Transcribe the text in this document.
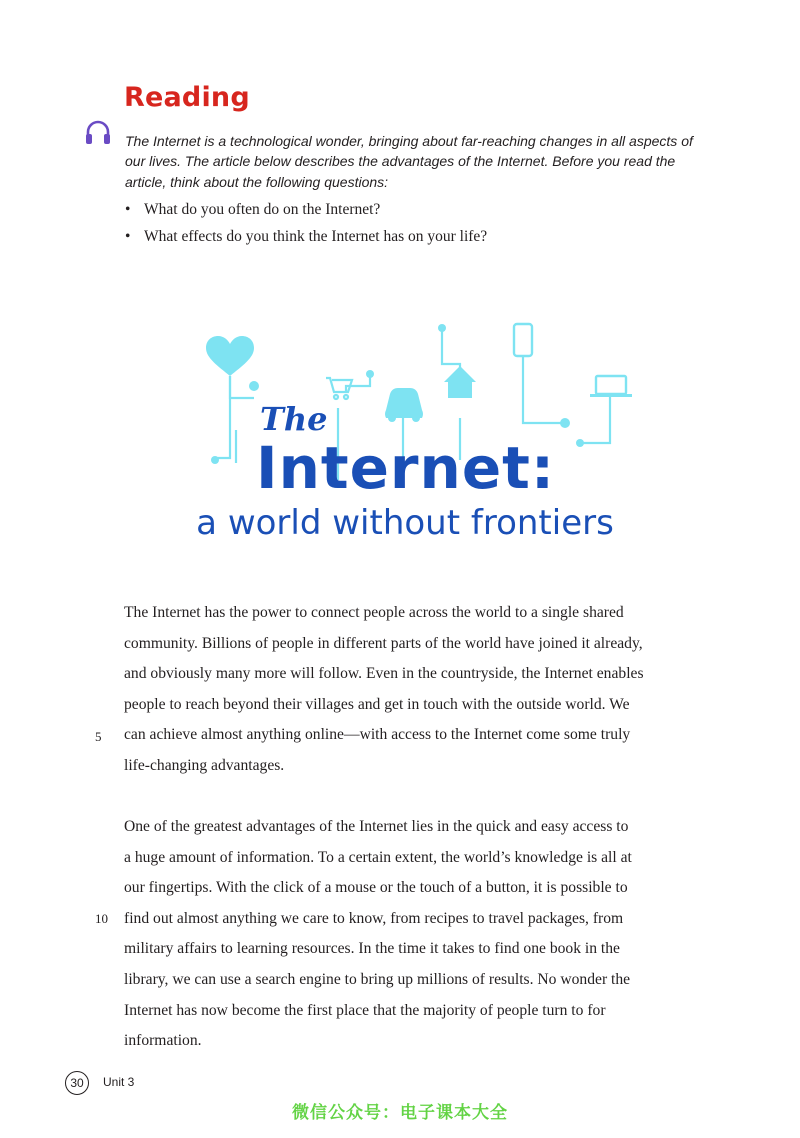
Reading
The Internet is a technological wonder, bringing about far-reaching changes in all aspects of our lives. The article below describes the advantages of the Internet. Before you read the article, think about the following questions:
• What do you often do on the Internet?
• What effects do you think the Internet has on your life?
The
Internet:
a world without frontiers
The Internet has the power to connect people across the world to a single shared
community. Billions of people in different parts of the world have joined it already,
and obviously many more will follow. Even in the countryside, the Internet enables
people to reach beyond their villages and get in touch with the outside world. We
can achieve almost anything online—with access to the Internet come some truly
life-changing advantages.
5
One of the greatest advantages of the Internet lies in the quick and easy access to
a huge amount of information. To a certain extent, the world’s knowledge is all at
our fingertips. With the click of a mouse or the touch of a button, it is possible to
find out almost anything we care to know, from recipes to travel packages, from
military affairs to learning resources. In the time it takes to find one book in the
library, we can use a search engine to bring up millions of results. No wonder the
Internet has now become the first place that the majority of people turn to for
information.
10
30	Unit 3
微信公众号：电子课本大全
